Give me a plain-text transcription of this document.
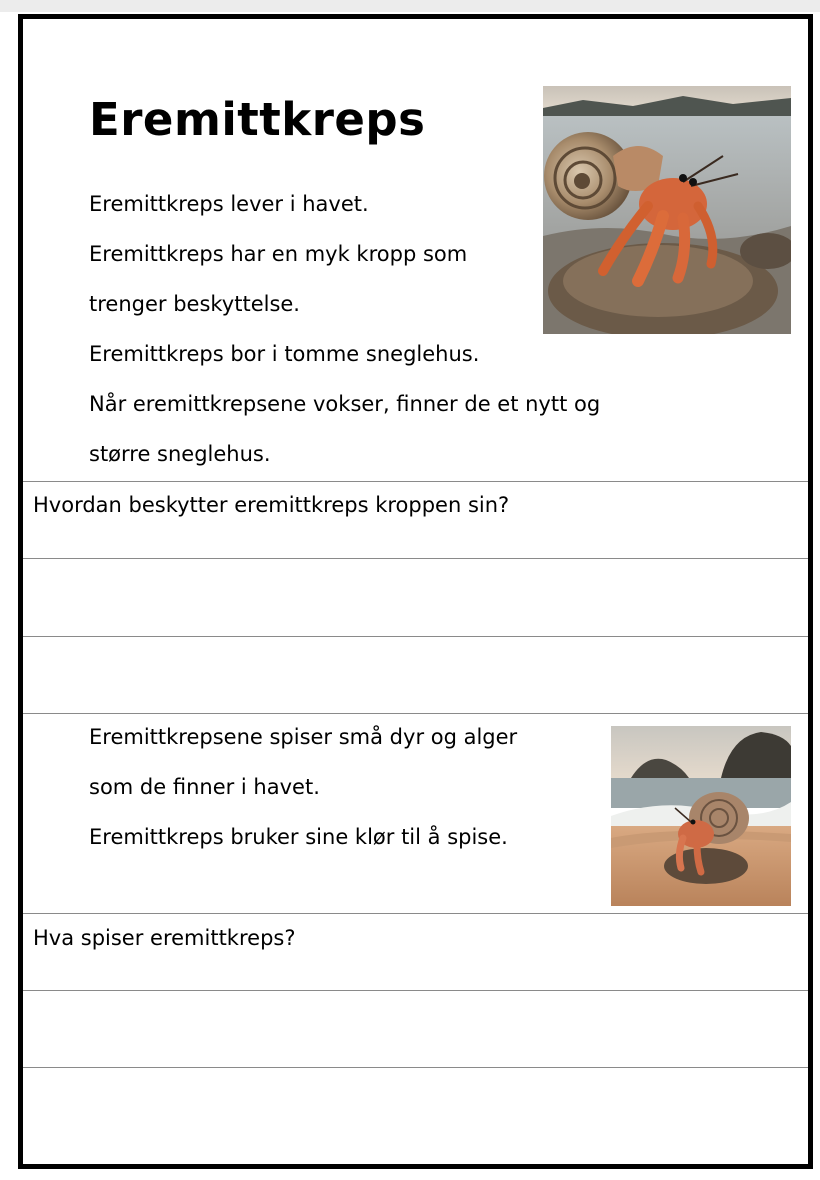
Eremittkreps

Eremittkreps lever i havet.

Eremittkreps har en myk kropp som

trenger beskyttelse.

Eremittkreps bor i tomme sneglehus.

Når eremittkrepsene vokser, finner de et nytt og

større sneglehus.

Hvordan beskytter eremittkreps kroppen sin?

Eremittkrepsene spiser små dyr og alger

som de finner i havet.

Eremittkreps bruker sine klør til å spise.

Hva spiser eremittkreps?
